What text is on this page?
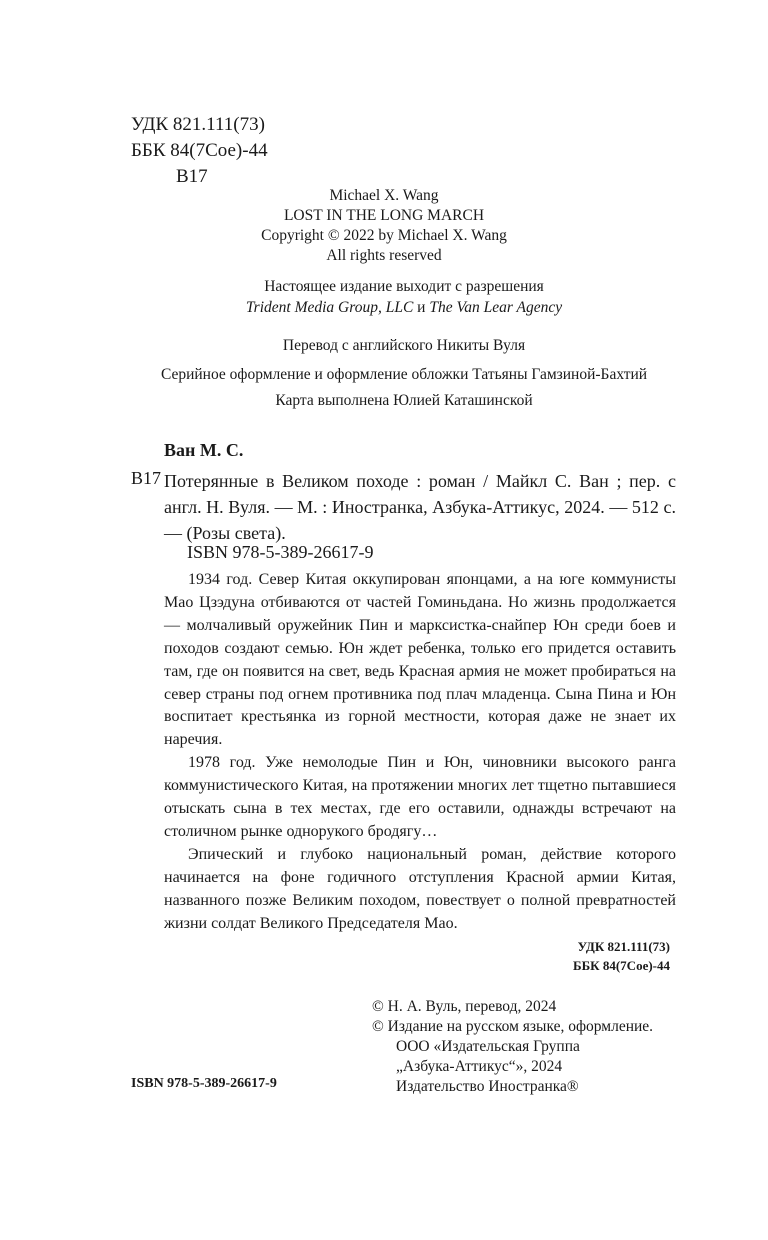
УДК 821.111(73)
ББК 84(7Сое)-44
В17
Michael X. Wang
LOST IN THE LONG MARCH
Copyright © 2022 by Michael X. Wang
All rights reserved
Настоящее издание выходит с разрешения
Trident Media Group, LLC и The Van Lear Agency
Перевод с английского Никиты Вуля
Серийное оформление и оформление обложки Татьяны Гамзиной-Бахтий
Карта выполнена Юлией Каташинской
Ван М. С.
В17 Потерянные в Великом походе : роман / Майкл С. Ван ; пер. с англ. Н. Вуля. — М. : Иностранка, Азбука-Аттикус, 2024. — 512 с. — (Розы света).
ISBN 978-5-389-26617-9

1934 год. Север Китая оккупирован японцами, а на юге коммунисты Мао Цзэдуна отбиваются от частей Гоминьдана. Но жизнь продолжается — молчаливый оружейник Пин и марксистка-снайпер Юн среди боев и походов создают семью. Юн ждет ребенка, только его придется оставить там, где он появится на свет, ведь Красная армия не может пробираться на север страны под огнем противника под плач младенца. Сына Пина и Юн воспитает крестьянка из горной местности, которая даже не знает их наречия.

1978 год. Уже немолодые Пин и Юн, чиновники высокого ранга коммунистического Китая, на протяжении многих лет тщетно пытавшиеся отыскать сына в тех местах, где его оставили, однажды встречают на столичном рынке однорукого бродягу…

Эпический и глубоко национальный роман, действие которого начинается на фоне годичного отступления Красной армии Китая, названного позже Великим походом, повествует о полной превратностей жизни солдат Великого Председателя Мао.

УДК 821.111(73)
ББК 84(7Сое)-44
© Н. А. Вуль, перевод, 2024
© Издание на русском языке, оформление.
ООО «Издательская Группа
„Азбука-Аттикус“», 2024
Издательство Иностранка®
ISBN 978-5-389-26617-9
